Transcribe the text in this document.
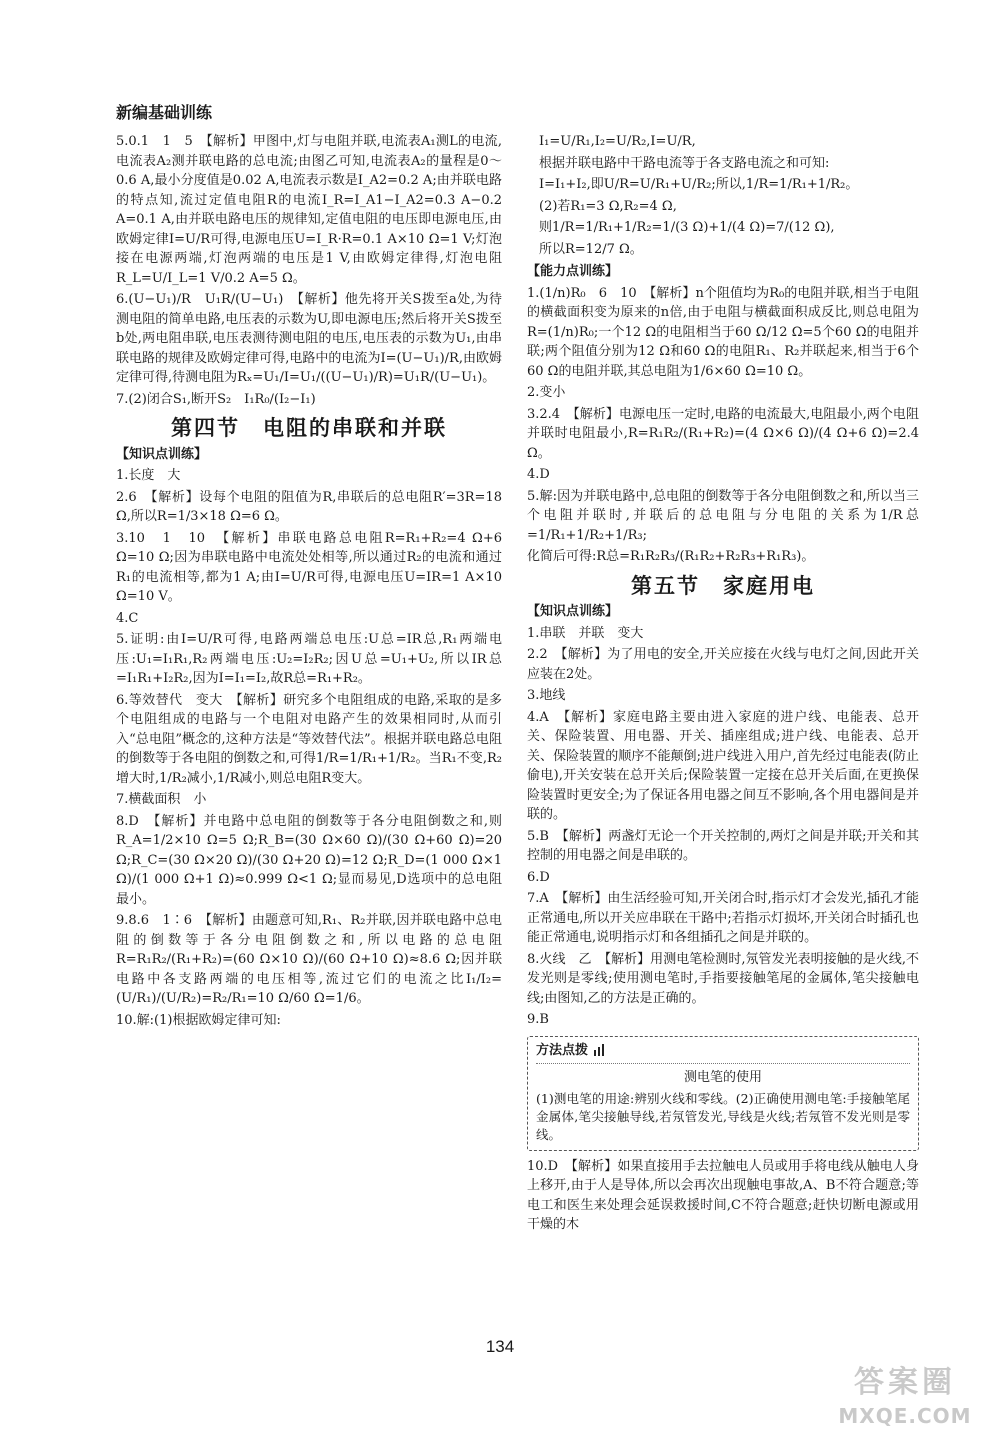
新编基础训练
5.0.1　1　5　【解析】甲图中,灯与电阻并联,电流表A₁测L的电流,电流表A₂测并联电路的总电流;由图乙可知,电流表A₂的量程是0～0.6 A,最小分度值是0.02 A,电流表示数是I_A2=0.2 A;由并联电路的特点知,流过定值电阻R的电流I_R=I_A1−I_A2=0.3 A−0.2 A=0.1 A,由并联电路电压的规律知,定值电阻的电压即电源电压,由欧姆定律I=U/R可得,电源电压U=I_R·R=0.1 A×10 Ω=1 V;灯泡接在电源两端,灯泡两端的电压是1 V,由欧姆定律得,灯泡电阻R_L=U/I_L=1 V/0.2 A=5 Ω。
6.(U−U₁)/R　U₁R/(U−U₁)　【解析】他先将开关S拨至a处,为待测电阻的简单电路,电压表的示数为U,即电源电压;然后将开关S拨至b处,两电阻串联,电压表测待测电阻的电压,电压表的示数为U₁,由串联电路的规律及欧姆定律可得,电路中的电流为I=(U−U₁)/R,由欧姆定律可得,待测电阻为Rₓ=U₁/I=U₁/((U−U₁)/R)=U₁R/(U−U₁)。
7.(2)闭合S₁,断开S₂　I₁R₀/(I₂−I₁)
第四节　电阻的串联和并联
【知识点训练】
1.长度　大
2.6　【解析】设每个电阻的阻值为R,串联后的总电阻R′=3R=18 Ω,所以R=1/3×18 Ω=6 Ω。
3.10　1　10　【解析】串联电路总电阻R=R₁+R₂=4 Ω+6 Ω=10 Ω;因为串联电路中电流处处相等,所以通过R₂的电流和通过R₁的电流相等,都为1 A;由I=U/R可得,电源电压U=IR=1 A×10 Ω=10 V。
4.C
5.证明:由I=U/R可得,电路两端总电压:U总=IR总,R₁两端电压:U₁=I₁R₁,R₂两端电压:U₂=I₂R₂;因U总=U₁+U₂,所以IR总=I₁R₁+I₂R₂,因为I=I₁=I₂,故R总=R₁+R₂。
6.等效替代　变大　【解析】研究多个电阻组成的电路,采取的是多个电阻组成的电路与一个电阻对电路产生的效果相同时,从而引入“总电阻”概念的,这种方法是“等效替代法”。根据并联电路总电阻的倒数等于各电阻的倒数之和,可得1/R=1/R₁+1/R₂。当R₁不变,R₂增大时,1/R₂减小,1/R减小,则总电阻R变大。
7.横截面积　小
8.D　【解析】并电路中总电阻的倒数等于各分电阻倒数之和,则R_A=1/2×10 Ω=5 Ω;R_B=(30 Ω×60 Ω)/(30 Ω+60 Ω)=20 Ω;R_C=(30 Ω×20 Ω)/(30 Ω+20 Ω)=12 Ω;R_D=(1 000 Ω×1 Ω)/(1 000 Ω+1 Ω)≈0.999 Ω<1 Ω;显而易见,D选项中的总电阻最小。
9.8.6　1∶6　【解析】由题意可知,R₁、R₂并联,因并联电路中总电阻的倒数等于各分电阻倒数之和,所以电路的总电阻R=R₁R₂/(R₁+R₂)=(60 Ω×10 Ω)/(60 Ω+10 Ω)≈8.6 Ω;因并联电路中各支路两端的电压相等,流过它们的电流之比I₁/I₂=(U/R₁)/(U/R₂)=R₂/R₁=10 Ω/60 Ω=1/6。
10.解:(1)根据欧姆定律可知:
I₁=U/R₁,I₂=U/R₂,I=U/R,
根据并联电路中干路电流等于各支路电流之和可知:
I=I₁+I₂,即U/R=U/R₁+U/R₂;所以,1/R=1/R₁+1/R₂。
(2)若R₁=3 Ω,R₂=4 Ω,
则1/R=1/R₁+1/R₂=1/(3 Ω)+1/(4 Ω)=7/(12 Ω),
所以R=12/7 Ω。
【能力点训练】
1.(1/n)R₀　6　10　【解析】n个阻值均为R₀的电阻并联,相当于电阻的横截面积变为原来的n倍,由于电阻与横截面积成反比,则总电阻为R=(1/n)R₀;一个12 Ω的电阻相当于60 Ω/12 Ω=5个60 Ω的电阻并联;两个阻值分别为12 Ω和60 Ω的电阻R₁、R₂并联起来,相当于6个60 Ω的电阻并联,其总电阻为1/6×60 Ω=10 Ω。
2.变小
3.2.4　【解析】电源电压一定时,电路的电流最大,电阻最小,两个电阻并联时电阻最小,R=R₁R₂/(R₁+R₂)=(4 Ω×6 Ω)/(4 Ω+6 Ω)=2.4 Ω。
4.D
5.解:因为并联电路中,总电阻的倒数等于各分电阻倒数之和,所以当三个电阻并联时,并联后的总电阻与分电阻的关系为1/R总=1/R₁+1/R₂+1/R₃;
化简后可得:R总=R₁R₂R₃/(R₁R₂+R₂R₃+R₁R₃)。
第五节　家庭用电
【知识点训练】
1.串联　并联　变大
2.2　【解析】为了用电的安全,开关应接在火线与电灯之间,因此开关应装在2处。
3.地线
4.A　【解析】家庭电路主要由进入家庭的进户线、电能表、总开关、保险装置、用电器、开关、插座组成;进户线、电能表、总开关、保险装置的顺序不能颠倒;进户线进入用户,首先经过电能表(防止偷电),开关安装在总开关后;保险装置一定接在总开关后面,在更换保险装置时更安全;为了保证各用电器之间互不影响,各个用电器间是并联的。
5.B　【解析】两盏灯无论一个开关控制的,两灯之间是并联;开关和其控制的用电器之间是串联的。
6.D
7.A　【解析】由生活经验可知,开关闭合时,指示灯才会发光,插孔才能正常通电,所以开关应串联在干路中;若指示灯损坏,开关闭合时插孔也能正常通电,说明指示灯和各组插孔之间是并联的。
8.火线　乙　【解析】用测电笔检测时,氖管发光表明接触的是火线,不发光则是零线;使用测电笔时,手指要接触笔尾的金属体,笔尖接触电线;由图知,乙的方法是正确的。
9.B
方法点拨
测电笔的使用
(1)测电笔的用途:辨别火线和零线。(2)正确使用测电笔:手接触笔尾金属体,笔尖接触导线,若氖管发光,导线是火线;若氖管不发光则是零线。
10.D　【解析】如果直接用手去拉触电人员或用手将电线从触电人身上移开,由于人是导体,所以会再次出现触电事故,A、B不符合题意;等电工和医生来处理会延误救援时间,C不符合题意;赶快切断电源或用干燥的木
134
答案圈
MXQE.COM
